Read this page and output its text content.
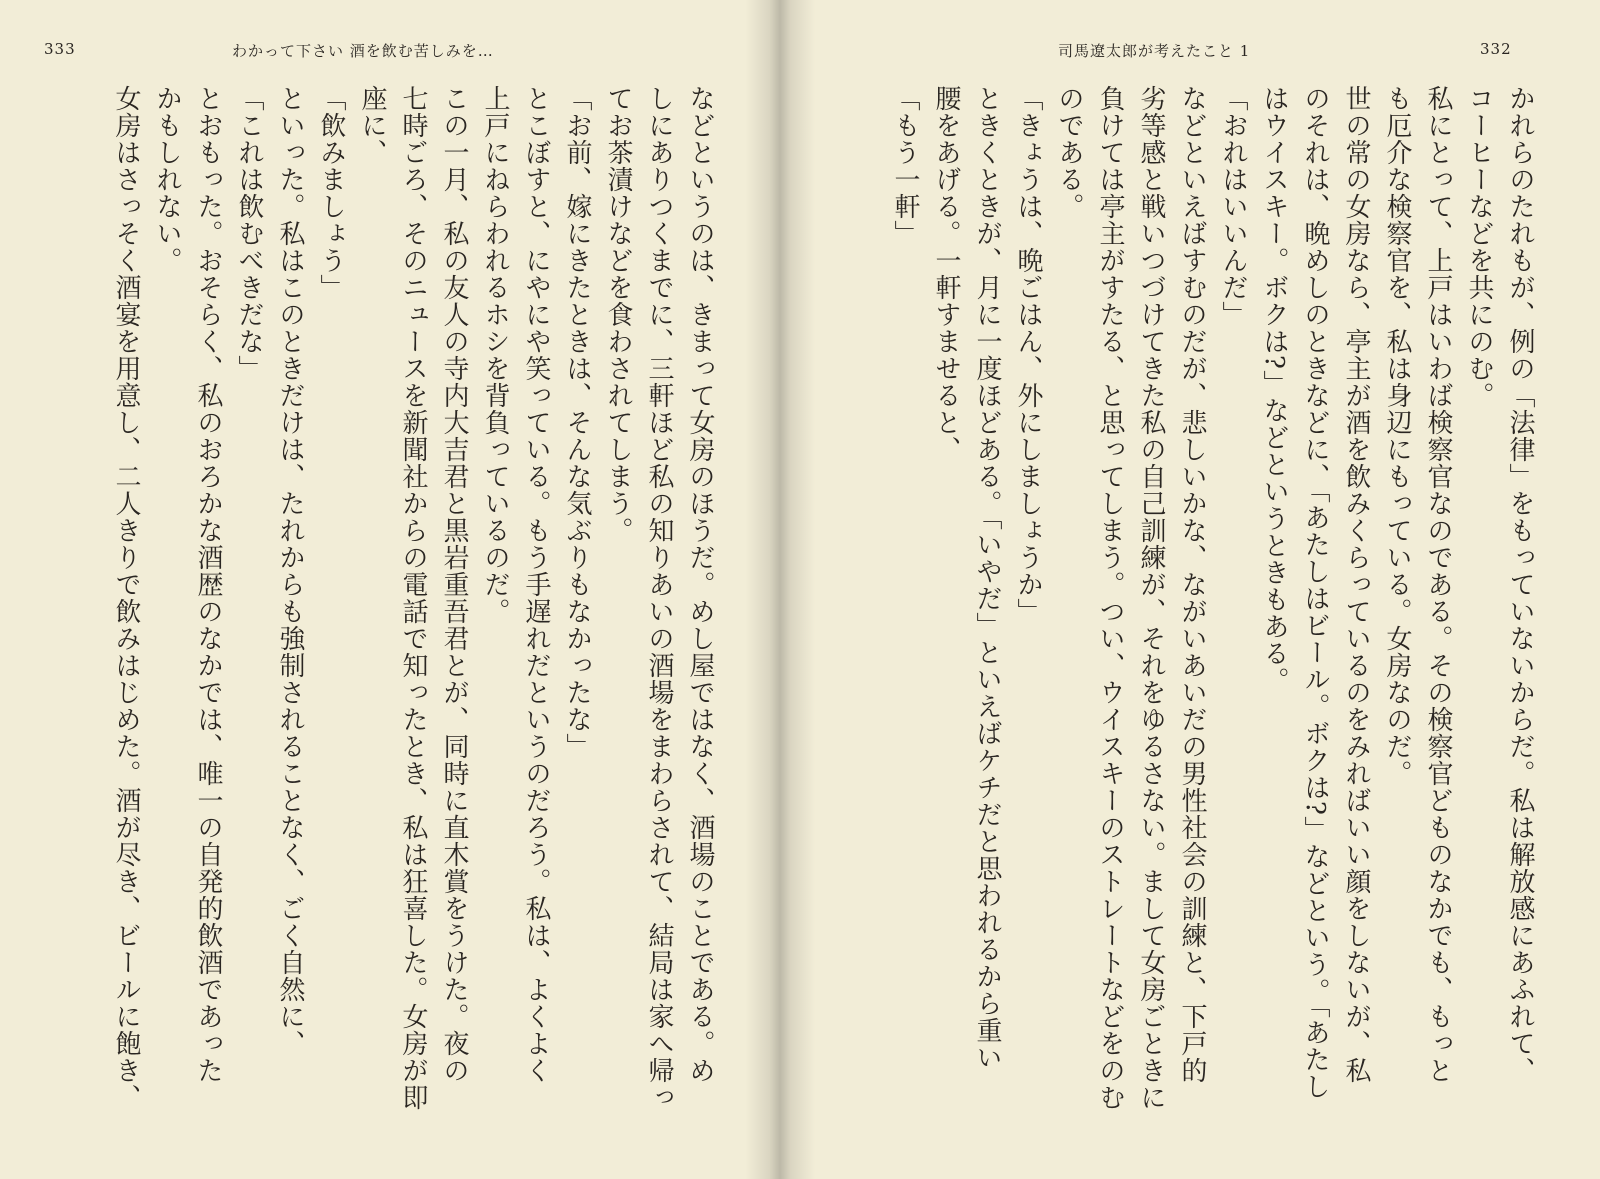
333	わかって下さい 酒を飲む苦しみを…	司馬遼太郎が考えたこと 1	332
などというのは、きまって女房のほうだ。めし屋ではなく、酒場のことである。め
しにありつくまでに、三軒ほど私の知りあいの酒場をまわらされて、結局は家へ帰っ
てお茶漬けなどを食わされてしまう。
「お前、嫁にきたときは、そんな気ぶりもなかったな」
とこぼすと、にやにや笑っている。もう手遅れだというのだろう。私は、よくよく
上戸にねらわれるホシを背負っているのだ。
この一月、私の友人の寺内大吉君と黒岩重吾君とが、同時に直木賞をうけた。夜の
七時ごろ、そのニュースを新聞社からの電話で知ったとき、私は狂喜した。女房が即
座に、
「飲みましょう」
といった。私はこのときだけは、たれからも強制されることなく、ごく自然に、
「これは飲むべきだな」
とおもった。おそらく、私のおろかな酒歴のなかでは、唯一の自発的飲酒であった
かもしれない。
女房はさっそく酒宴を用意し、二人きりで飲みはじめた。酒が尽き、ビールに飽き、	かれらのたれもが、例の「法律」をもっていないからだ。私は解放感にあふれて、
コーヒーなどを共にのむ。
私にとって、上戸はいわば検察官なのである。その検察官どものなかでも、もっと
も厄介な検察官を、私は身辺にもっている。女房なのだ。
世の常の女房なら、亭主が酒を飲みくらっているのをみればいい顔をしないが、私
のそれは、晩めしのときなどに、「あたしはビール。ボクは?」などという。「あたし
はウイスキー。ボクは?」などというときもある。
「おれはいいんだ」
などといえばすむのだが、悲しいかな、ながいあいだの男性社会の訓練と、下戸的
劣等感と戦いつづけてきた私の自己訓練が、それをゆるさない。まして女房ごときに
負けては亭主がすたる、と思ってしまう。つい、ウイスキーのストレートなどをのむ
のである。
「きょうは、晩ごはん、外にしましょうか」
ときくときが、月に一度ほどある。「いやだ」といえばケチだと思われるから重い
腰をあげる。一軒すませると、
「もう一軒」
